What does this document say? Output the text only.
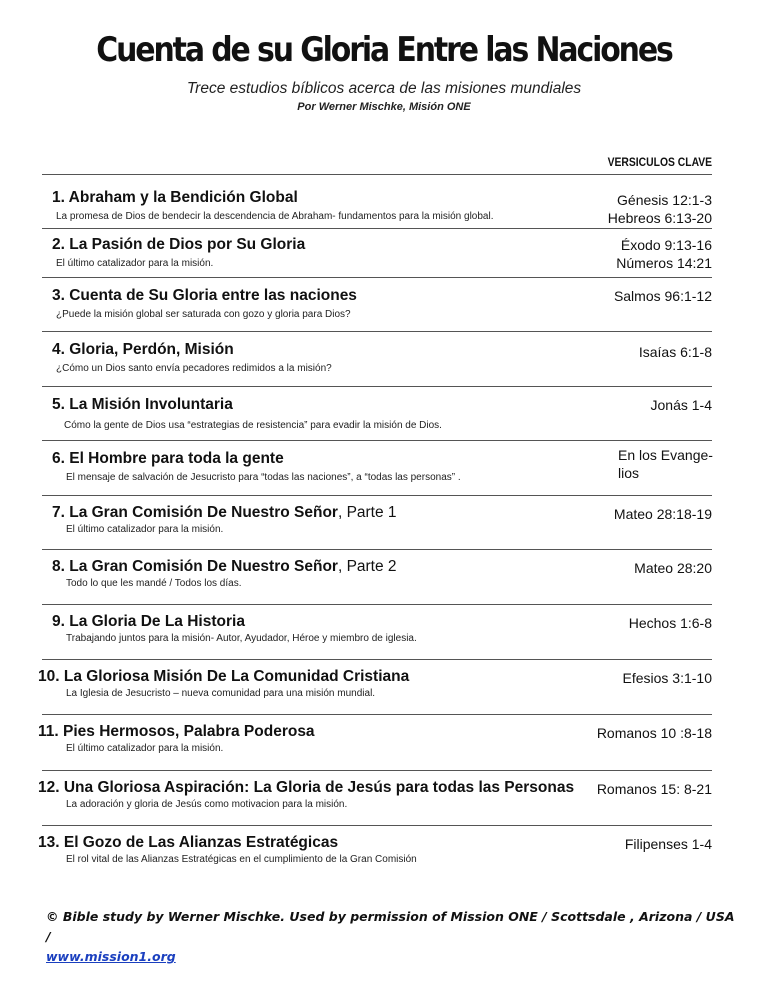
Cuenta de su Gloria Entre las Naciones
Trece estudios bíblicos acerca de las misiones mundiales
Por Werner Mischke, Misión ONE
VERSICULOS CLAVE
1. Abraham y la Bendición Global
La promesa de Dios de bendecir la descendencia de Abraham- fundamentos para la misión global.
Génesis 12:1-3
Hebreos 6:13-20
2. La Pasión de Dios por Su Gloria
El último catalizador para la misión.
Éxodo 9:13-16
Números 14:21
3. Cuenta de Su Gloria entre las naciones
¿Puede la misión global ser saturada con gozo y gloria para Dios?
Salmos 96:1-12
4. Gloria, Perdón, Misión
¿Cómo un Dios santo envía pecadores redimidos a la misión?
Isaías 6:1-8
5. La Misión Involuntaria
Cómo la gente de Dios usa “estrategias de resistencia” para evadir la misión de Dios.
Jonás 1-4
6. El Hombre para toda la gente
El mensaje de salvación de Jesucristo para “todas las naciones”, a “todas las personas” .
En los Evange-
lios
7. La Gran Comisión De Nuestro Señor, Parte 1
El último catalizador para la misión.
Mateo 28:18-19
8. La Gran Comisión De Nuestro Señor, Parte 2
Todo lo que les mandé / Todos los días.
Mateo 28:20
9. La Gloria De La Historia
Trabajando juntos para la misión- Autor, Ayudador, Héroe y miembro de iglesia.
Hechos 1:6-8
10. La Gloriosa Misión De La Comunidad Cristiana
La Iglesia de Jesucristo – nueva comunidad para una misión mundial.
Efesios 3:1-10
11. Pies Hermosos, Palabra Poderosa
El último catalizador para la misión.
Romanos 10 :8-18
12. Una Gloriosa Aspiración: La Gloria de Jesús para todas las Personas
La adoración y gloria de Jesús como motivacion para la misión.
Romanos 15: 8-21
13. El Gozo de Las Alianzas Estratégicas
El rol vital de las Alianzas Estratégicas en el cumplimiento de la Gran Comisión
Filipenses 1-4
© Bible study by Werner Mischke. Used by permission of Mission ONE / Scottsdale , Arizona / USA /
www.mission1.org
